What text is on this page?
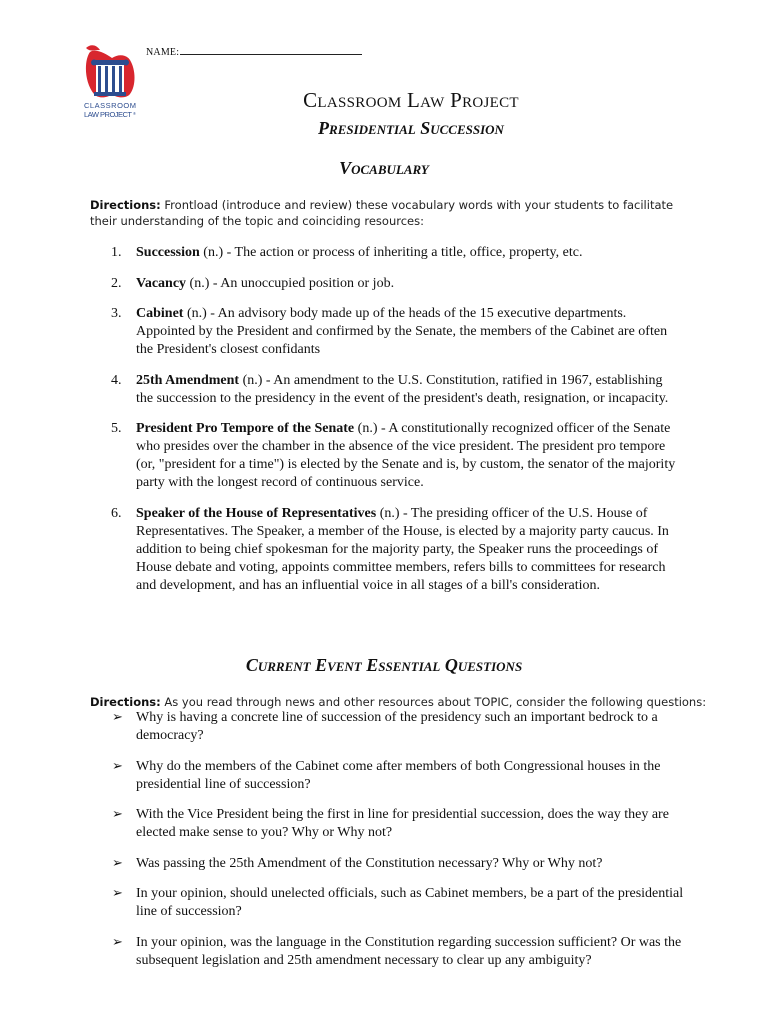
CLASSROOM
LAW PROJECT ®
NAME:
Classroom Law Project
Presidential Succession
Vocabulary
Directions: Frontload (introduce and review) these vocabulary words with your students to facilitate their understanding of the topic and coinciding resources:
1. Succession (n.) - The action or process of inheriting a title, office, property, etc.
2. Vacancy (n.) - An unoccupied position or job.
3. Cabinet (n.) - An advisory body made up of the heads of the 15 executive departments. Appointed by the President and confirmed by the Senate, the members of the Cabinet are often the President's closest confidants
4. 25th Amendment (n.) - An amendment to the U.S. Constitution, ratified in 1967, establishing the succession to the presidency in the event of the president's death, resignation, or incapacity.
5. President Pro Tempore of the Senate (n.) - A constitutionally recognized officer of the Senate who presides over the chamber in the absence of the vice president. The president pro tempore (or, "president for a time") is elected by the Senate and is, by custom, the senator of the majority party with the longest record of continuous service.
6. Speaker of the House of Representatives (n.) - The presiding officer of the U.S. House of Representatives. The Speaker, a member of the House, is elected by a majority party caucus. In addition to being chief spokesman for the majority party, the Speaker runs the proceedings of House debate and voting, appoints committee members, refers bills to committees for research and development, and has an influential voice in all stages of a bill's consideration.
Current Event Essential Questions
Directions: As you read through news and other resources about TOPIC, consider the following questions:
➢ Why is having a concrete line of succession of the presidency such an important bedrock to a democracy?
➢ Why do the members of the Cabinet come after members of both Congressional houses in the presidential line of succession?
➢ With the Vice President being the first in line for presidential succession, does the way they are elected make sense to you? Why or Why not?
➢ Was passing the 25th Amendment of the Constitution necessary? Why or Why not?
➢ In your opinion, should unelected officials, such as Cabinet members, be a part of the presidential line of succession?
➢ In your opinion, was the language in the Constitution regarding succession sufficient? Or was the subsequent legislation and 25th amendment necessary to clear up any ambiguity?
